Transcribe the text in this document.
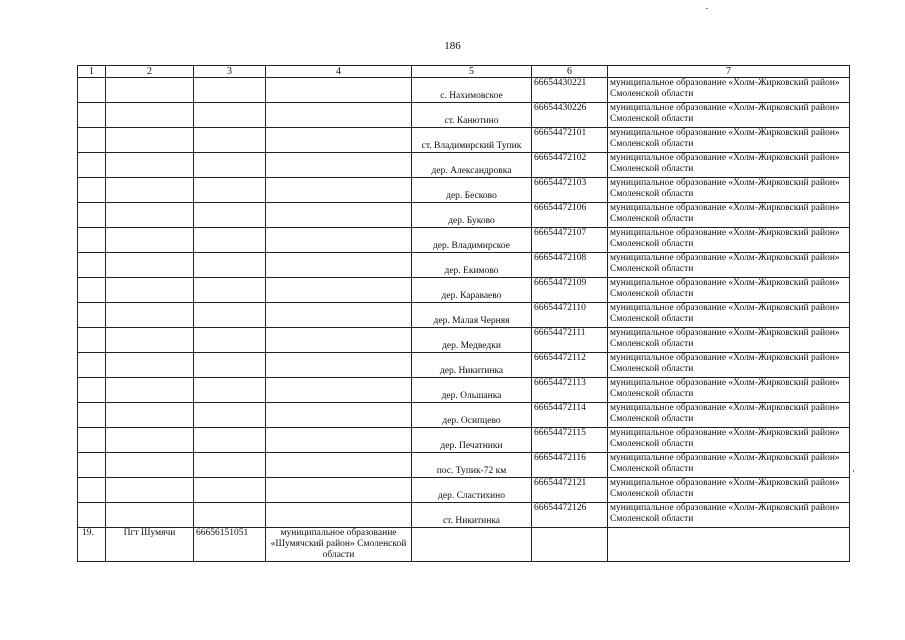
186
1	2	3	4	5	6	7
				с. Нахимовское	66654430221	муниципальное образование «Холм-Жирковский район» Смоленской области
				ст. Канютино	66654430226	муниципальное образование «Холм-Жирковский район» Смоленской области
				ст. Владимирский Тупик	66654472101	муниципальное образование «Холм-Жирковский район» Смоленской области
				дер. Александровка	66654472102	муниципальное образование «Холм-Жирковский район» Смоленской области
				дер. Бесково	66654472103	муниципальное образование «Холм-Жирковский район» Смоленской области
				дер. Буково	66654472106	муниципальное образование «Холм-Жирковский район» Смоленской области
				дер. Владимирское	66654472107	муниципальное образование «Холм-Жирковский район» Смоленской области
				дер. Екимово	66654472108	муниципальное образование «Холм-Жирковский район» Смоленской области
				дер. Караваево	66654472109	муниципальное образование «Холм-Жирковский район» Смоленской области
				дер. Малая Черняя	66654472110	муниципальное образование «Холм-Жирковский район» Смоленской области
				дер. Медведки	66654472111	муниципальное образование «Холм-Жирковский район» Смоленской области
				дер. Никитинка	66654472112	муниципальное образование «Холм-Жирковский район» Смоленской области
				дер. Ольшанка	66654472113	муниципальное образование «Холм-Жирковский район» Смоленской области
				дер. Осипцево	66654472114	муниципальное образование «Холм-Жирковский район» Смоленской области
				дер. Печатники	66654472115	муниципальное образование «Холм-Жирковский район» Смоленской области
				пос. Тупик-72 км	66654472116	муниципальное образование «Холм-Жирковский район» Смоленской области
				дер. Сластихино	66654472121	муниципальное образование «Холм-Жирковский район» Смоленской области
				ст. Никитинка	66654472126	муниципальное образование «Холм-Жирковский район» Смоленской области
19.	Пгт Шумячи	66656151051	муниципальное образование «Шумячский район» Смоленской области			
